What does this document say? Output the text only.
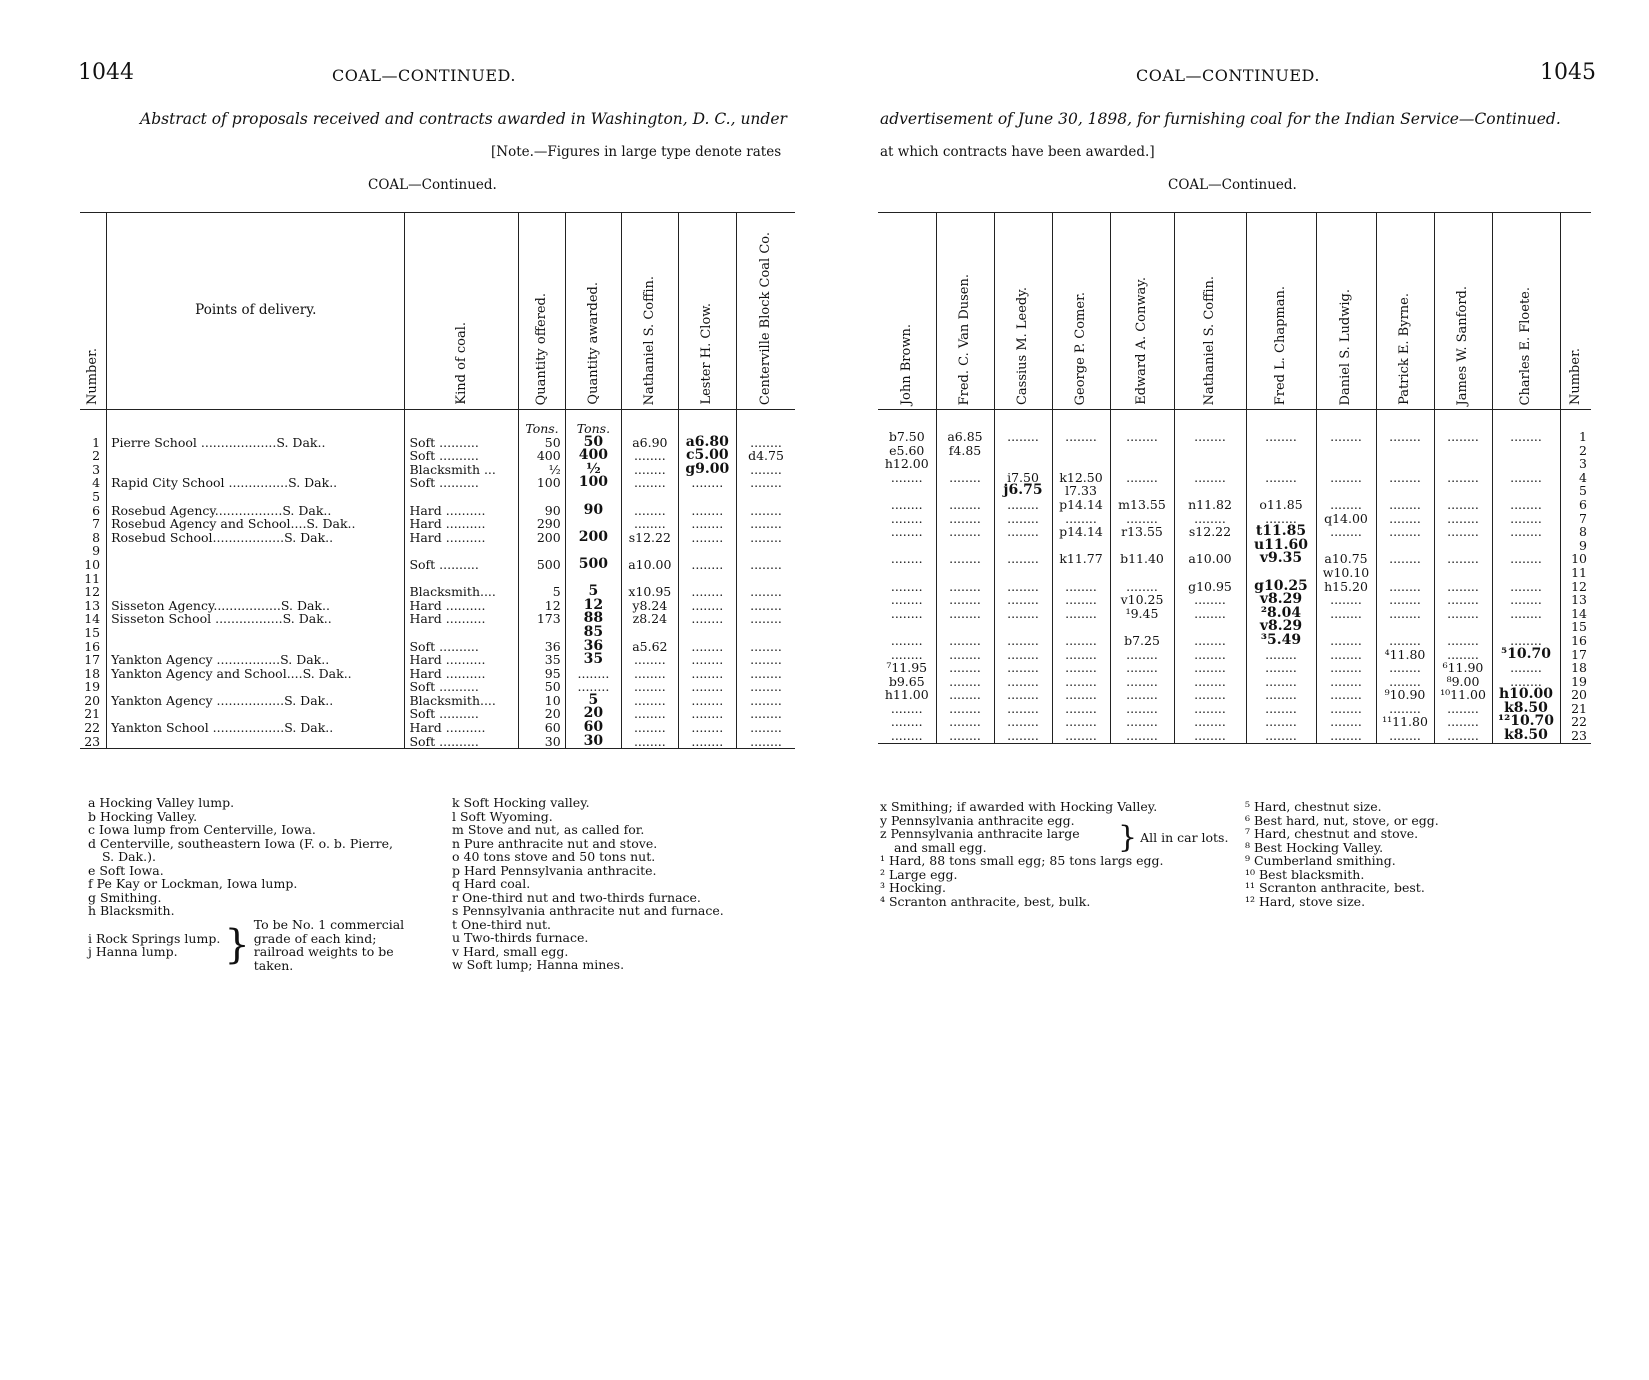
1044	COAL—CONTINUED.
Abstract of proposals received and contracts awarded in Washington, D. C., under
[Note.—Figures in large type denote rates
COAL—Continued.
Number.	Points of delivery.	Kind of coal.	Quantity offered.	Quantity awarded.	Nathaniel S. Coffin.	Lester H. Clow.	Centerville Block Coal Co.

			Tons.	Tons.			
1	Pierre School ...................S. Dak..	Soft ..........	50	50	a6.90	a6.80	........
2		Soft ..........	400	400	........	c5.00	d4.75
3		Blacksmith ...	½	½	........	g9.00	........
4	Rapid City School ...............S. Dak..	Soft ..........	100	100	........	........	........
5							
6	Rosebud Agency.................S. Dak..	Hard ..........	90	90	........	........	........
7	Rosebud Agency and School....S. Dak..	Hard ..........	290		........	........	........
8	Rosebud School..................S. Dak..	Hard ..........	200	200	s12.22	........	........
9							
10		Soft ..........	500	500	a10.00	........	........
11							
12		Blacksmith....	5	5	x10.95	........	........
13	Sisseton Agency.................S. Dak..	Hard ..........	12	12	y8.24	........	........
14	Sisseton School .................S. Dak..	Hard ..........	173	88	z8.24	........	........
15				85			
16		Soft ..........	36	36	a5.62	........	........
17	Yankton Agency ................S. Dak..	Hard ..........	35	35	........	........	........
18	Yankton Agency and School....S. Dak..	Hard ..........	95	........	........	........	........
19		Soft ..........	50	........	........	........	........
20	Yankton Agency .................S. Dak..	Blacksmith....	10	5	........	........	........
21		Soft ..........	20	20	........	........	........
22	Yankton School ..................S. Dak..	Hard ..........	60	60	........	........	........
23		Soft ..........	30	30	........	........	........
a Hocking Valley lump.
b Hocking Valley.
c Iowa lump from Centerville, Iowa.
d Centerville, southeastern Iowa (F. o. b. Pierre,
S. Dak.).
e Soft Iowa.
f Pe Kay or Lockman, Iowa lump.
g Smithing.
h Blacksmith.
i Rock Springs lump.
j Hanna lump.	} To be No. 1 commercial
grade of each kind;
railroad weights to be
taken.
k Soft Hocking valley.
l Soft Wyoming.
m Stove and nut, as called for.
n Pure anthracite nut and stove.
o 40 tons stove and 50 tons nut.
p Hard Pennsylvania anthracite.
q Hard coal.
r One-third nut and two-thirds furnace.
s Pennsylvania anthracite nut and furnace.
t One-third nut.
u Two-thirds furnace.
v Hard, small egg.
w Soft lump; Hanna mines.
COAL—CONTINUED.	1045
advertisement of June 30, 1898, for furnishing coal for the Indian Service—Continued.
at which contracts have been awarded.]
COAL—Continued.
John Brown.	Fred. C. Van Dusen.	Cassius M. Leedy.	George P. Comer.	Edward A. Conway.	Nathaniel S. Coffin.	Fred L. Chapman.	Daniel S. Ludwig.	Patrick E. Byrne.	James W. Sanford.	Charles E. Floete.	Number.

b7.50	a6.85	........	........	........	........	........	........	........	........	........	1
e5.60	f4.85										2
h12.00											3
........	........	i7.50	k12.50	........	........	........	........	........	........	........	4
		j6.75	l7.33								5
........	........	........	p14.14	m13.55	n11.82	o11.85	........	........	........	........	6
........	........	........	........	........	........	........	q14.00	........	........	........	7
........	........	........	p14.14	r13.55	s12.22	t11.85	........	........	........	........	8
						u11.60					9
........	........	........	k11.77	b11.40	a10.00	v9.35	a10.75	........	........	........	10
							w10.10				11
........	........	........	........	........	g10.95	g10.25	h15.20	........	........	........	12
........	........	........	........	v10.25	........	v8.29	........	........	........	........	13
........	........	........	........	¹9.45	........	²8.04	........	........	........	........	14
						v8.29					15
........	........	........	........	b7.25	........	³5.49	........	........	........	........	16
........	........	........	........	........	........	........	........	⁴11.80	........	⁵10.70	17
⁷11.95	........	........	........	........	........	........	........	........	⁶11.90	........	18
b9.65	........	........	........	........	........	........	........	........	⁸9.00	........	19
h11.00	........	........	........	........	........	........	........	⁹10.90	¹⁰11.00	h10.00	20
........	........	........	........	........	........	........	........	........	........	k8.50	21
........	........	........	........	........	........	........	........	¹¹11.80	........	¹²10.70	22
........	........	........	........	........	........	........	........	........	........	k8.50	23
x Smithing; if awarded with Hocking Valley.
y Pennsylvania anthracite egg.
z Pennsylvania anthracite large
and small egg.
¹ Hard, 88 tons small egg; 85 tons largs egg.
² Large egg.
³ Hocking.
⁴ Scranton anthracite, best, bulk.
} All in car lots.
⁵ Hard, chestnut size.
⁶ Best hard, nut, stove, or egg.
⁷ Hard, chestnut and stove.
⁸ Best Hocking Valley.
⁹ Cumberland smithing.
¹⁰ Best blacksmith.
¹¹ Scranton anthracite, best.
¹² Hard, stove size.
